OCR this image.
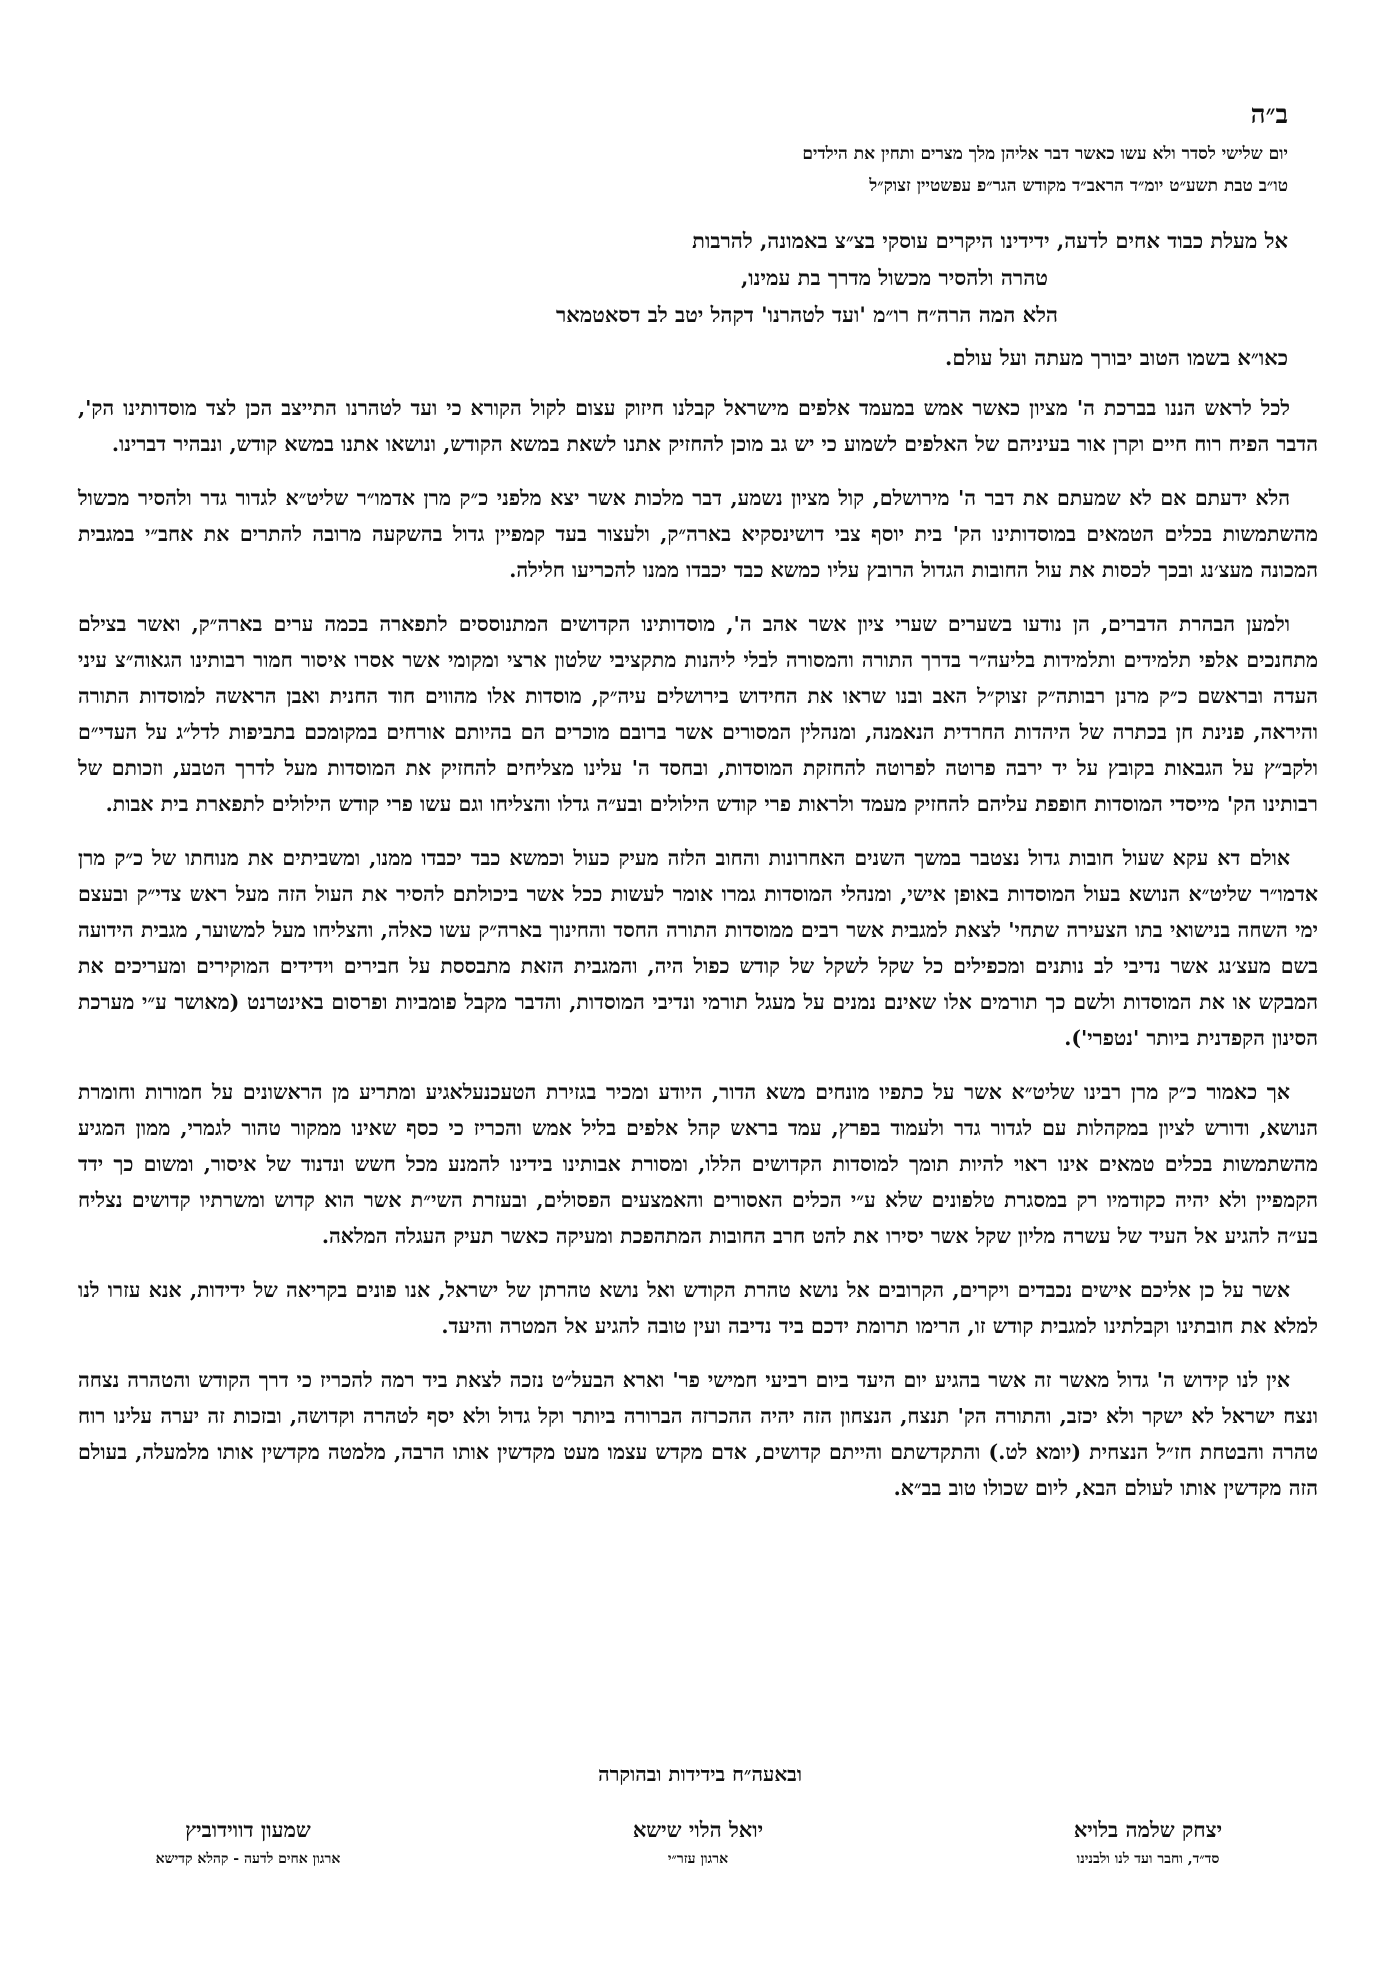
ב״ה
יום שלישי לסדר ולא עשו כאשר דבר אליהן מלך מצרים ותחין את הילדים
טו״ב טבת תשע״ט יומ״ד הראב״ד מקודש הגר״פ עפשטיין זצוק״ל
אל מעלת כבוד אחים לדעה, ידידינו היקרים עוסקי בצ״צ באמונה, להרבות
טהרה ולהסיר מכשול מדרך בת עמינו,
הלא המה הרה״ח רו״מ 'ועד לטהרנו' דקהל יטב לב דסאטמאר
כאו״א בשמו הטוב יבורך מעתה ועל עולם.

לכל לראש הננו בברכת ה' מציון כאשר אמש במעמד אלפים מישראל קבלנו חיזוק עצום לקול הקורא כי ועד לטהרנו התייצב הכן לצד מוסדותינו הק', הדבר הפיח רוח חיים וקרן אור בעיניהם של האלפים לשמוע כי יש גב מוכן להחזיק אתנו לשאת במשא הקודש, ונושאו אתנו במשא קודש, ונבהיר דברינו.

הלא ידעתם אם לא שמעתם את דבר ה' מירושלם, קול מציון נשמע, דבר מלכות אשר יצא מלפני כ״ק מרן אדמו״ר שליט״א לגדור גדר ולהסיר מכשול מהשתמשות בכלים הטמאים במוסדותינו הק' בית יוסף צבי דושינסקיא בארה״ק, ולעצור בעד קמפיין גדול בהשקעה מרובה להתרים את אחב״י במגבית המכונה מעצ׳נג ובכך לכסות את עול החובות הגדול הרובץ עליו כמשא כבד יכבדו ממנו להכריעו חלילה.

ולמען הבהרת הדברים, הן נודעו בשערים שערי ציון אשר אהב ה', מוסדותינו הקדושים המתנוססים לתפארה בכמה ערים בארה״ק, ואשר בצילם מתחנכים אלפי תלמידים ותלמידות בליעה״ר בדרך התורה והמסורה לבלי ליהנות מתקציבי שלטון ארצי ומקומי אשר אסרו איסור חמור רבותינו הגאוה״צ עיני העדה ובראשם כ״ק מרנן רבותה״ק זצוק״ל האב ובנו שראו את החידוש בירושלים עיה״ק, מוסדות אלו מהווים חוד החנית ואבן הראשה למוסדות התורה והיראה, פנינת חן בכתרה של היהדות החרדית הנאמנה, ומנהלין המסורים אשר ברובם מוכרים הם בהיותם אורחים במקומכם בתביפות לדל״ג על העדי״ם ולקב״ץ על הגבאות בקובץ על יד ירבה פרוטה לפרוטה להחזקת המוסדות, ובחסד ה' עלינו מצליחים להחזיק את המוסדות מעל לדרך הטבע, וזכותם של רבותינו הק' מייסדי המוסדות חופפת עליהם להחזיק מעמד ולראות פרי קודש הילולים ובע״ה גדלו והצליחו וגם עשו פרי קודש הילולים לתפארת בית אבות.

אולם דא עקא שעול חובות גדול נצטבר במשך השנים האחרונות והחוב הלזה מעיק כעול וכמשא כבד יכבדו ממנו, ומשביתים את מנוחתו של כ״ק מרן אדמו״ר שליט״א הנושא בעול המוסדות באופן אישי, ומנהלי המוסדות גמרו אומר לעשות ככל אשר ביכולתם להסיר את העול הזה מעל ראש צדי״ק ובעצם ימי השחה בנישואי בתו הצעירה שתחי' לצאת למגבית אשר רבים ממוסדות התורה החסד והחינוך בארה״ק עשו כאלה, והצליחו מעל למשוער, מגבית הידועה בשם מעצ׳נג אשר נדיבי לב נותנים ומכפילים כל שקל לשקל של קודש כפול היה, והמגבית הזאת מתבססת על חבירים וידידים המוקירים ומעריכים את המבקש או את המוסדות ולשם כך תורמים אלו שאינם נמנים על מעגל תורמי ונדיבי המוסדות, והדבר מקבל פומביות ופרסום באינטרנט (מאושר ע״י מערכת הסינון הקפדנית ביותר 'נטפרי').

אך כאמור כ״ק מרן רבינו שליט״א אשר על כתפיו מונחים משא הדור, היודע ומכיר בגזירת הטעכנעלאגיע ומתריע מן הראשונים על חמורות וחומרת הנושא, ודורש לציון במקהלות עם לגדור גדר ולעמוד בפרץ, עמד בראש קהל אלפים בליל אמש והכריז כי כסף שאינו ממקור טהור לגמרי, ממון המגיע מהשתמשות בכלים טמאים אינו ראוי להיות תומך למוסדות הקדושים הללו, ומסורת אבותינו בידינו להמנע מכל חשש ונדנוד של איסור, ומשום כך ידד הקמפיין ולא יהיה כקודמיו רק במסגרת טלפונים שלא ע״י הכלים האסורים והאמצעים הפסולים, ובעזרת השי״ת אשר הוא קדוש ומשרתיו קדושים נצליח בע״ה להגיע אל העיד של עשרה מליון שקל אשר יסירו את להט חרב החובות המתהפכת ומעיקה כאשר תעיק העגלה המלאה.

אשר על כן אליכם אישים נכבדים ויקרים, הקרובים אל נושא טהרת הקודש ואל נושא טהרתן של ישראל, אנו פונים בקריאה של ידידות, אנא עזרו לנו למלא את חובתינו וקבלתינו למגבית קודש זו, הרימו תרומת ידכם ביד נדיבה ועין טובה להגיע אל המטרה והיעד.

אין לנו קידוש ה' גדול מאשר זה אשר בהגיע יום היעד ביום רביעי חמישי פר' וארא הבעל״ט נזכה לצאת ביד רמה להכריז כי דרך הקודש והטהרה נצחה ונצח ישראל לא ישקר ולא יכזב, והתורה הק' תנצח, הנצחון הזה יהיה ההכרזה הברורה ביותר וקל גדול ולא יסף לטהרה וקדושה, ובזכות זה יערה עלינו רוח טהרה והבטחת חז״ל הנצחית (יומא לט.) והתקדשתם והייתם קדושים, אדם מקדש עצמו מעט מקדשין אותו הרבה, מלמטה מקדשין אותו מלמעלה, בעולם הזה מקדשין אותו לעולם הבא, ליום שכולו טוב בב״א.

ובאעה״ח בידידות ובהוקרה
יצחק שלמה בלויא
סד״ד, וחבר ועד לנו ולבנינו
יואל הלוי שישא
ארגון עזר״י
שמעון דווידוביץ
ארגון אחים לדעה - קהלא קדישא
